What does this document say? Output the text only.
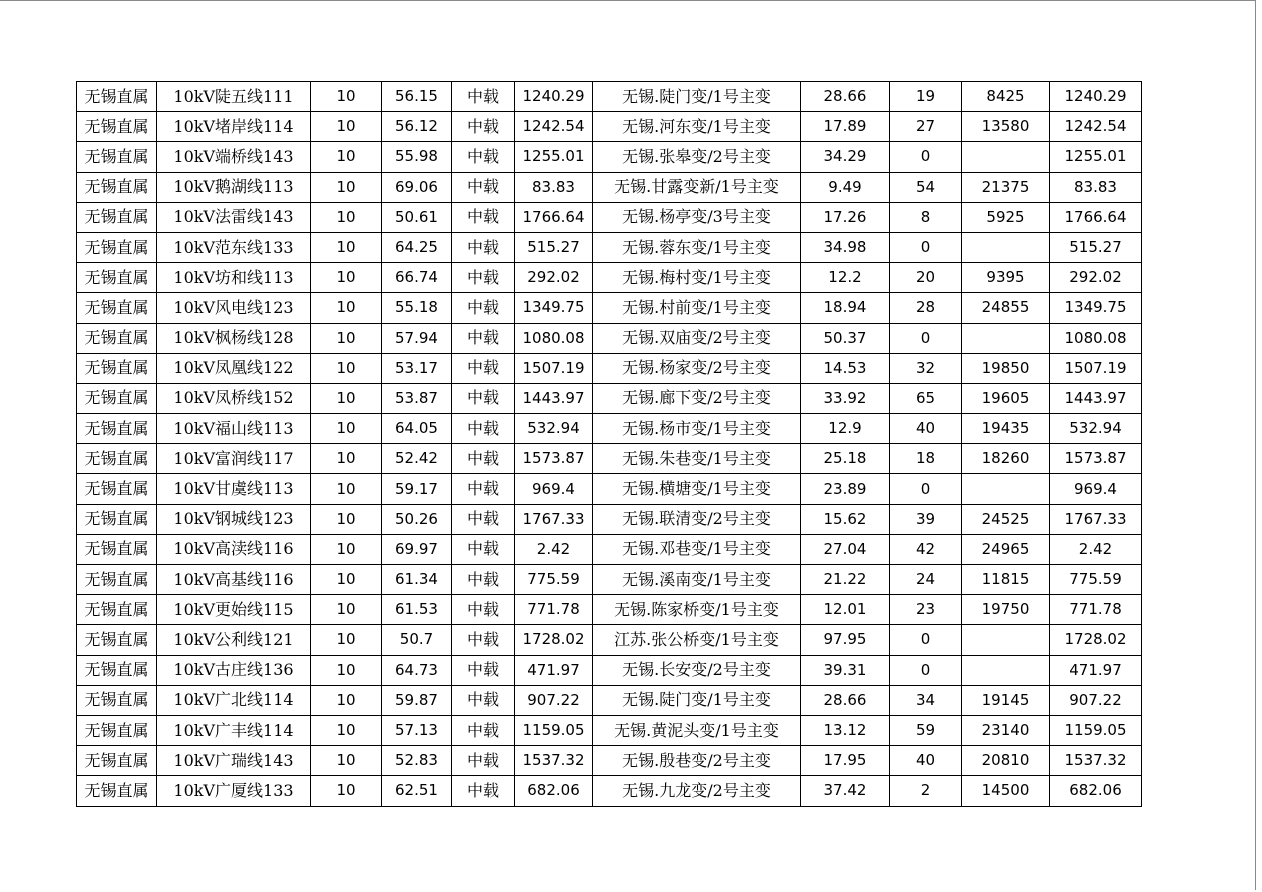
无锡直属	10kV陡五线111	10	56.15	中载	1240.29	无锡.陡门变/1号主变	28.66	19	8425	1240.29
无锡直属	10kV堵岸线114	10	56.12	中载	1242.54	无锡.河东变/1号主变	17.89	27	13580	1242.54
无锡直属	10kV端桥线143	10	55.98	中载	1255.01	无锡.张皋变/2号主变	34.29	0		1255.01
无锡直属	10kV鹅湖线113	10	69.06	中载	83.83	无锡.甘露变新/1号主变	9.49	54	21375	83.83
无锡直属	10kV法雷线143	10	50.61	中载	1766.64	无锡.杨亭变/3号主变	17.26	8	5925	1766.64
无锡直属	10kV范东线133	10	64.25	中载	515.27	无锡.蓉东变/1号主变	34.98	0		515.27
无锡直属	10kV坊和线113	10	66.74	中载	292.02	无锡.梅村变/1号主变	12.2	20	9395	292.02
无锡直属	10kV风电线123	10	55.18	中载	1349.75	无锡.村前变/1号主变	18.94	28	24855	1349.75
无锡直属	10kV枫杨线128	10	57.94	中载	1080.08	无锡.双庙变/2号主变	50.37	0		1080.08
无锡直属	10kV凤凰线122	10	53.17	中载	1507.19	无锡.杨家变/2号主变	14.53	32	19850	1507.19
无锡直属	10kV凤桥线152	10	53.87	中载	1443.97	无锡.廊下变/2号主变	33.92	65	19605	1443.97
无锡直属	10kV福山线113	10	64.05	中载	532.94	无锡.杨市变/1号主变	12.9	40	19435	532.94
无锡直属	10kV富润线117	10	52.42	中载	1573.87	无锡.朱巷变/1号主变	25.18	18	18260	1573.87
无锡直属	10kV甘虞线113	10	59.17	中载	969.4	无锡.横塘变/1号主变	23.89	0		969.4
无锡直属	10kV钢城线123	10	50.26	中载	1767.33	无锡.联清变/2号主变	15.62	39	24525	1767.33
无锡直属	10kV高渎线116	10	69.97	中载	2.42	无锡.邓巷变/1号主变	27.04	42	24965	2.42
无锡直属	10kV高基线116	10	61.34	中载	775.59	无锡.溪南变/1号主变	21.22	24	11815	775.59
无锡直属	10kV更始线115	10	61.53	中载	771.78	无锡.陈家桥变/1号主变	12.01	23	19750	771.78
无锡直属	10kV公利线121	10	50.7	中载	1728.02	江苏.张公桥变/1号主变	97.95	0		1728.02
无锡直属	10kV古庄线136	10	64.73	中载	471.97	无锡.长安变/2号主变	39.31	0		471.97
无锡直属	10kV广北线114	10	59.87	中载	907.22	无锡.陡门变/1号主变	28.66	34	19145	907.22
无锡直属	10kV广丰线114	10	57.13	中载	1159.05	无锡.黄泥头变/1号主变	13.12	59	23140	1159.05
无锡直属	10kV广瑞线143	10	52.83	中载	1537.32	无锡.殷巷变/2号主变	17.95	40	20810	1537.32
无锡直属	10kV广厦线133	10	62.51	中载	682.06	无锡.九龙变/2号主变	37.42	2	14500	682.06
